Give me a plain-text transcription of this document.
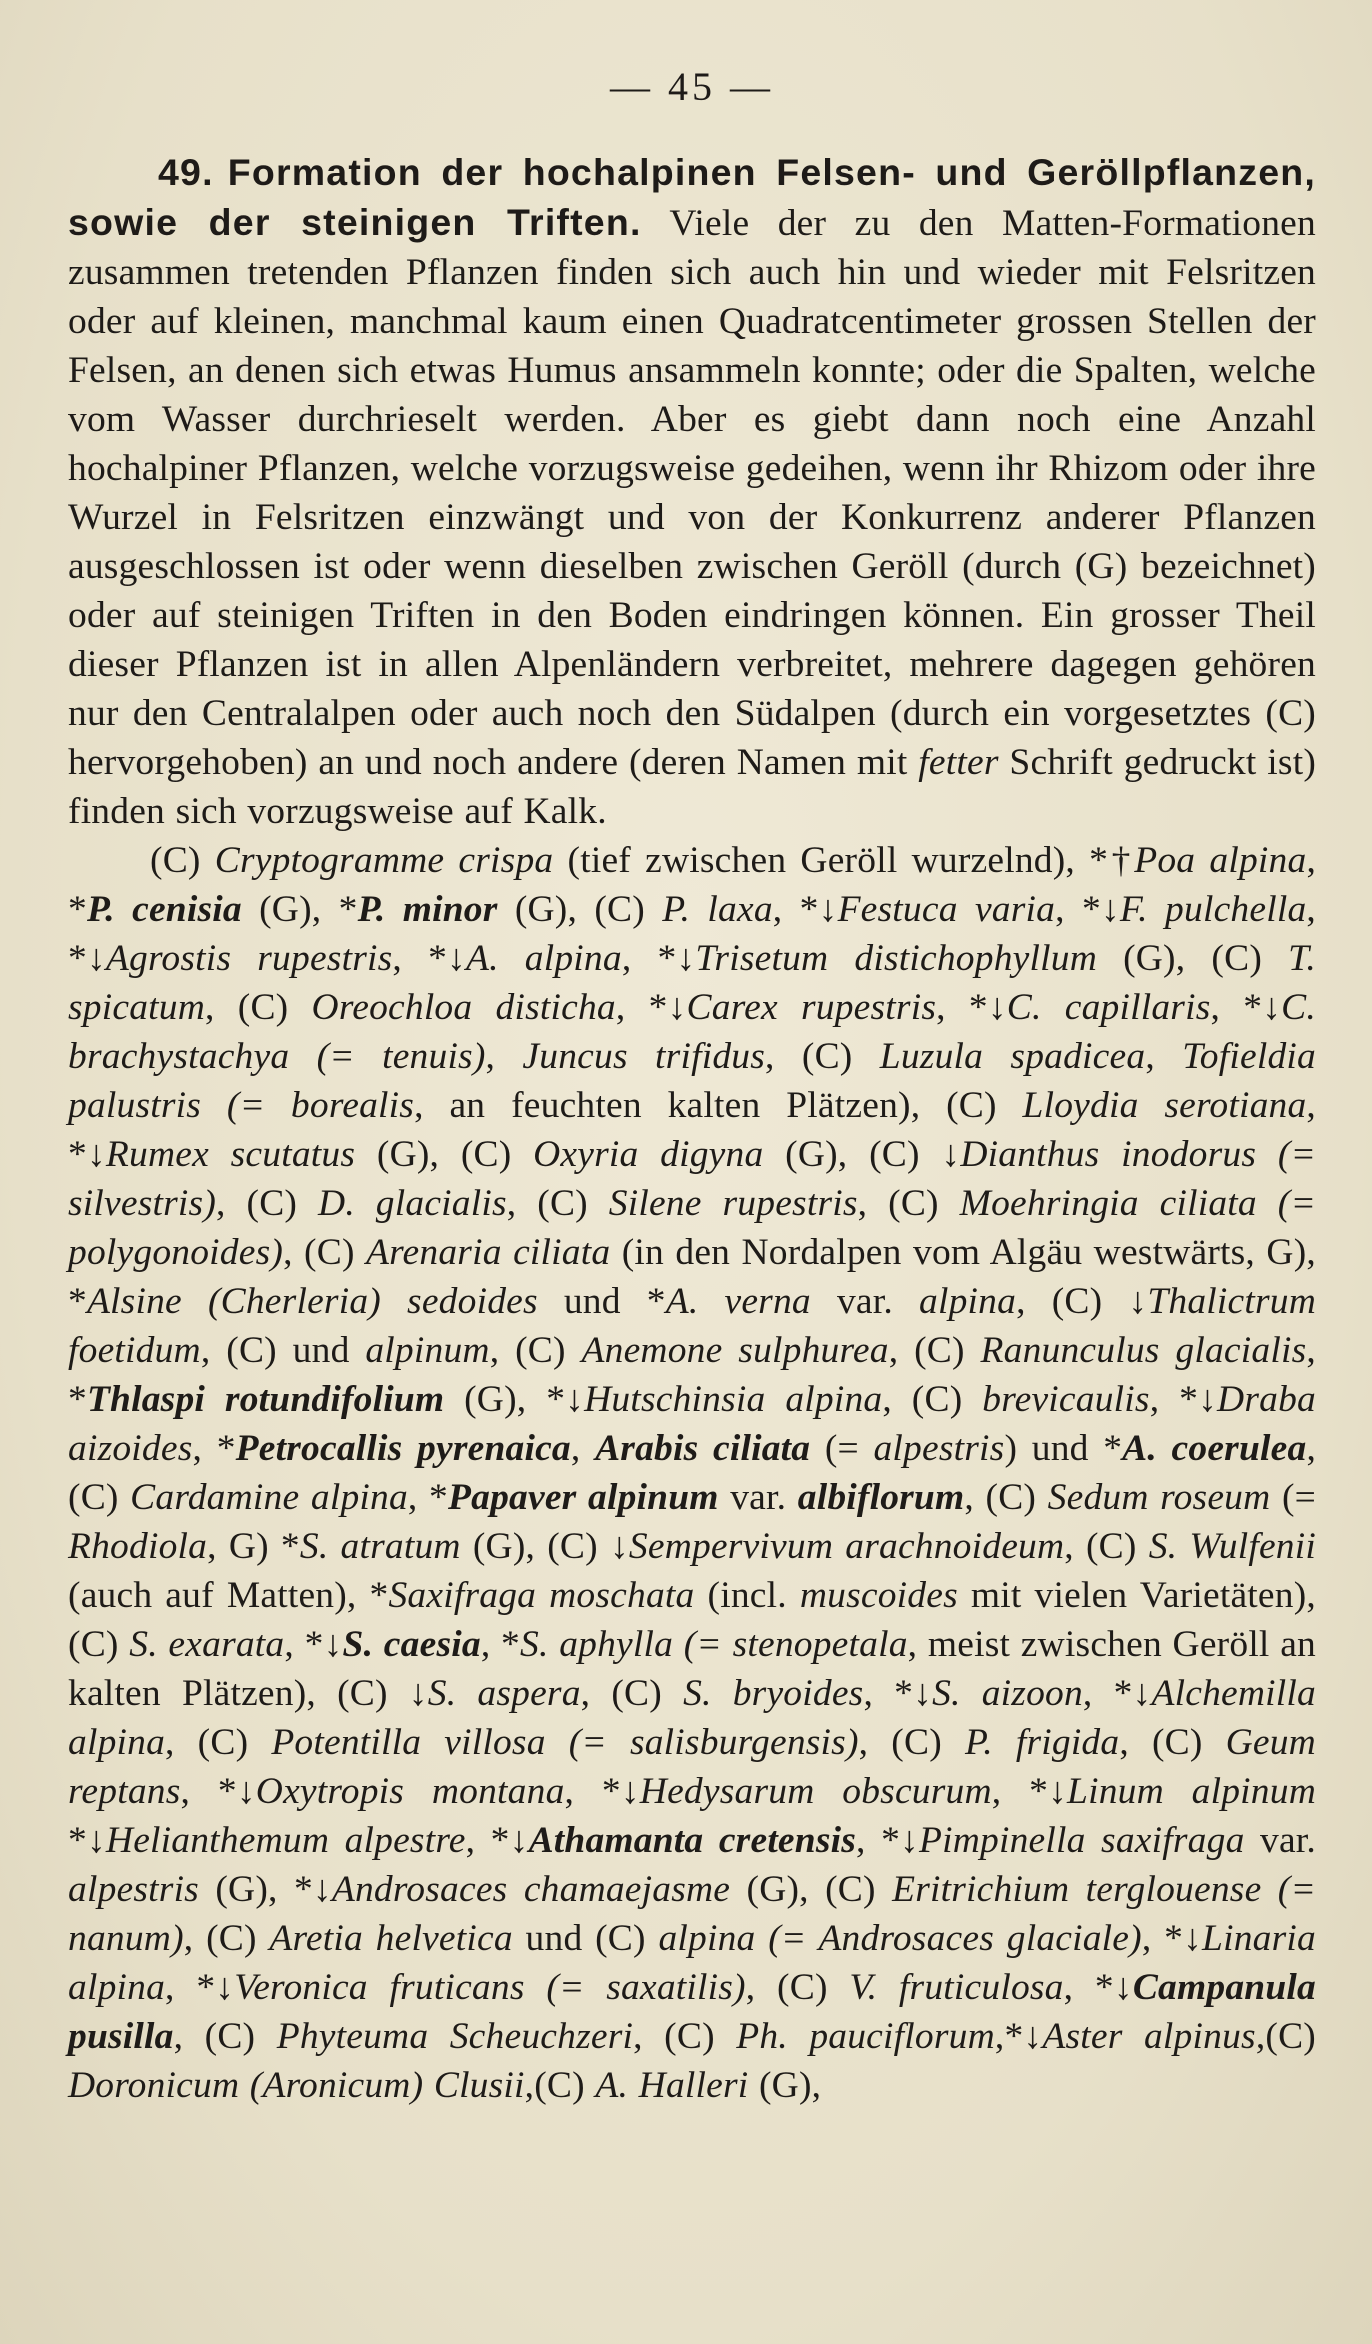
— 45 —

49. Formation der hochalpinen Felsen- und Geröllpflanzen, sowie der steinigen Triften. Viele der zu den Matten-Formationen zusammen tretenden Pflanzen finden sich auch hin und wieder mit Felsritzen oder auf kleinen, manchmal kaum einen Quadratcentimeter grossen Stellen der Felsen, an denen sich etwas Humus ansammeln konnte; oder die Spalten, welche vom Wasser durchrieselt werden. Aber es giebt dann noch eine Anzahl hochalpiner Pflanzen, welche vorzugsweise gedeihen, wenn ihr Rhizom oder ihre Wurzel in Felsritzen einzwängt und von der Konkurrenz anderer Pflanzen ausgeschlossen ist oder wenn dieselben zwischen Geröll (durch (G) bezeichnet) oder auf steinigen Triften in den Boden eindringen können. Ein grosser Theil dieser Pflanzen ist in allen Alpenländern verbreitet, mehrere dagegen gehören nur den Centralalpen oder auch noch den Südalpen (durch ein vorgesetztes (C) hervorgehoben) an und noch andere (deren Namen mit fetter Schrift gedruckt ist) finden sich vorzugsweise auf Kalk.

(C) Cryptogramme crispa (tief zwischen Geröll wurzelnd), *†Poa alpina, *P. cenisia (G), *P. minor (G), (C) P. laxa, *↓Festuca varia, *↓F. pulchella, *↓Agrostis rupestris, *↓A. alpina, *↓Trisetum distichophyllum (G), (C) T. spicatum, (C) Oreochloa disticha, *↓Carex rupestris, *↓C. capillaris, *↓C. brachystachya (= tenuis), Juncus trifidus, (C) Luzula spadicea, Tofieldia palustris (= borealis, an feuchten kalten Plätzen), (C) Lloydia serotiana, *↓Rumex scutatus (G), (C) Oxyria digyna (G), (C) ↓Dianthus inodorus (= silvestris), (C) D. glacialis, (C) Silene rupestris, (C) Moehringia ciliata (= polygonoides), (C) Arenaria ciliata (in den Nordalpen vom Algäu westwärts, G), *Alsine (Cherleria) sedoides und *A. verna var. alpina, (C) ↓Thalictrum foetidum, (C) und alpinum, (C) Anemone sulphurea, (C) Ranunculus glacialis, *Thlaspi rotundifolium (G), *↓Hutschinsia alpina, (C) brevicaulis, *↓Draba aizoides, *Petrocallis pyrenaica, Arabis ciliata (= alpestris) und *A. coerulea, (C) Cardamine alpina, *Papaver alpinum var. albiflorum, (C) Sedum roseum (= Rhodiola, G) *S. atratum (G), (C) ↓Sempervivum arachnoideum, (C) S. Wulfenii (auch auf Matten), *Saxifraga moschata (incl. muscoides mit vielen Varietäten), (C) S. exarata, *↓S. caesia, *S. aphylla (= stenopetala, meist zwischen Geröll an kalten Plätzen), (C) ↓S. aspera, (C) S. bryoides, *↓S. aizoon, *↓Alchemilla alpina, (C) Potentilla villosa (= salisburgensis), (C) P. frigida, (C) Geum reptans, *↓Oxytropis montana, *↓Hedysarum obscurum, *↓Linum alpinum *↓Helianthemum alpestre, *↓Athamanta cretensis, *↓Pimpinella saxifraga var. alpestris (G), *↓Androsaces chamaejasme (G), (C) Eritrichium terglouense (= nanum), (C) Aretia helvetica und (C) alpina (= Androsaces glaciale), *↓Linaria alpina, *↓Veronica fruticans (= saxatilis), (C) V. fruticulosa, *↓Campanula pusilla, (C) Phyteuma Scheuchzeri, (C) Ph. pauciflorum,*↓Aster alpinus,(C) Doronicum (Aronicum) Clusii,(C) A. Halleri (G),
